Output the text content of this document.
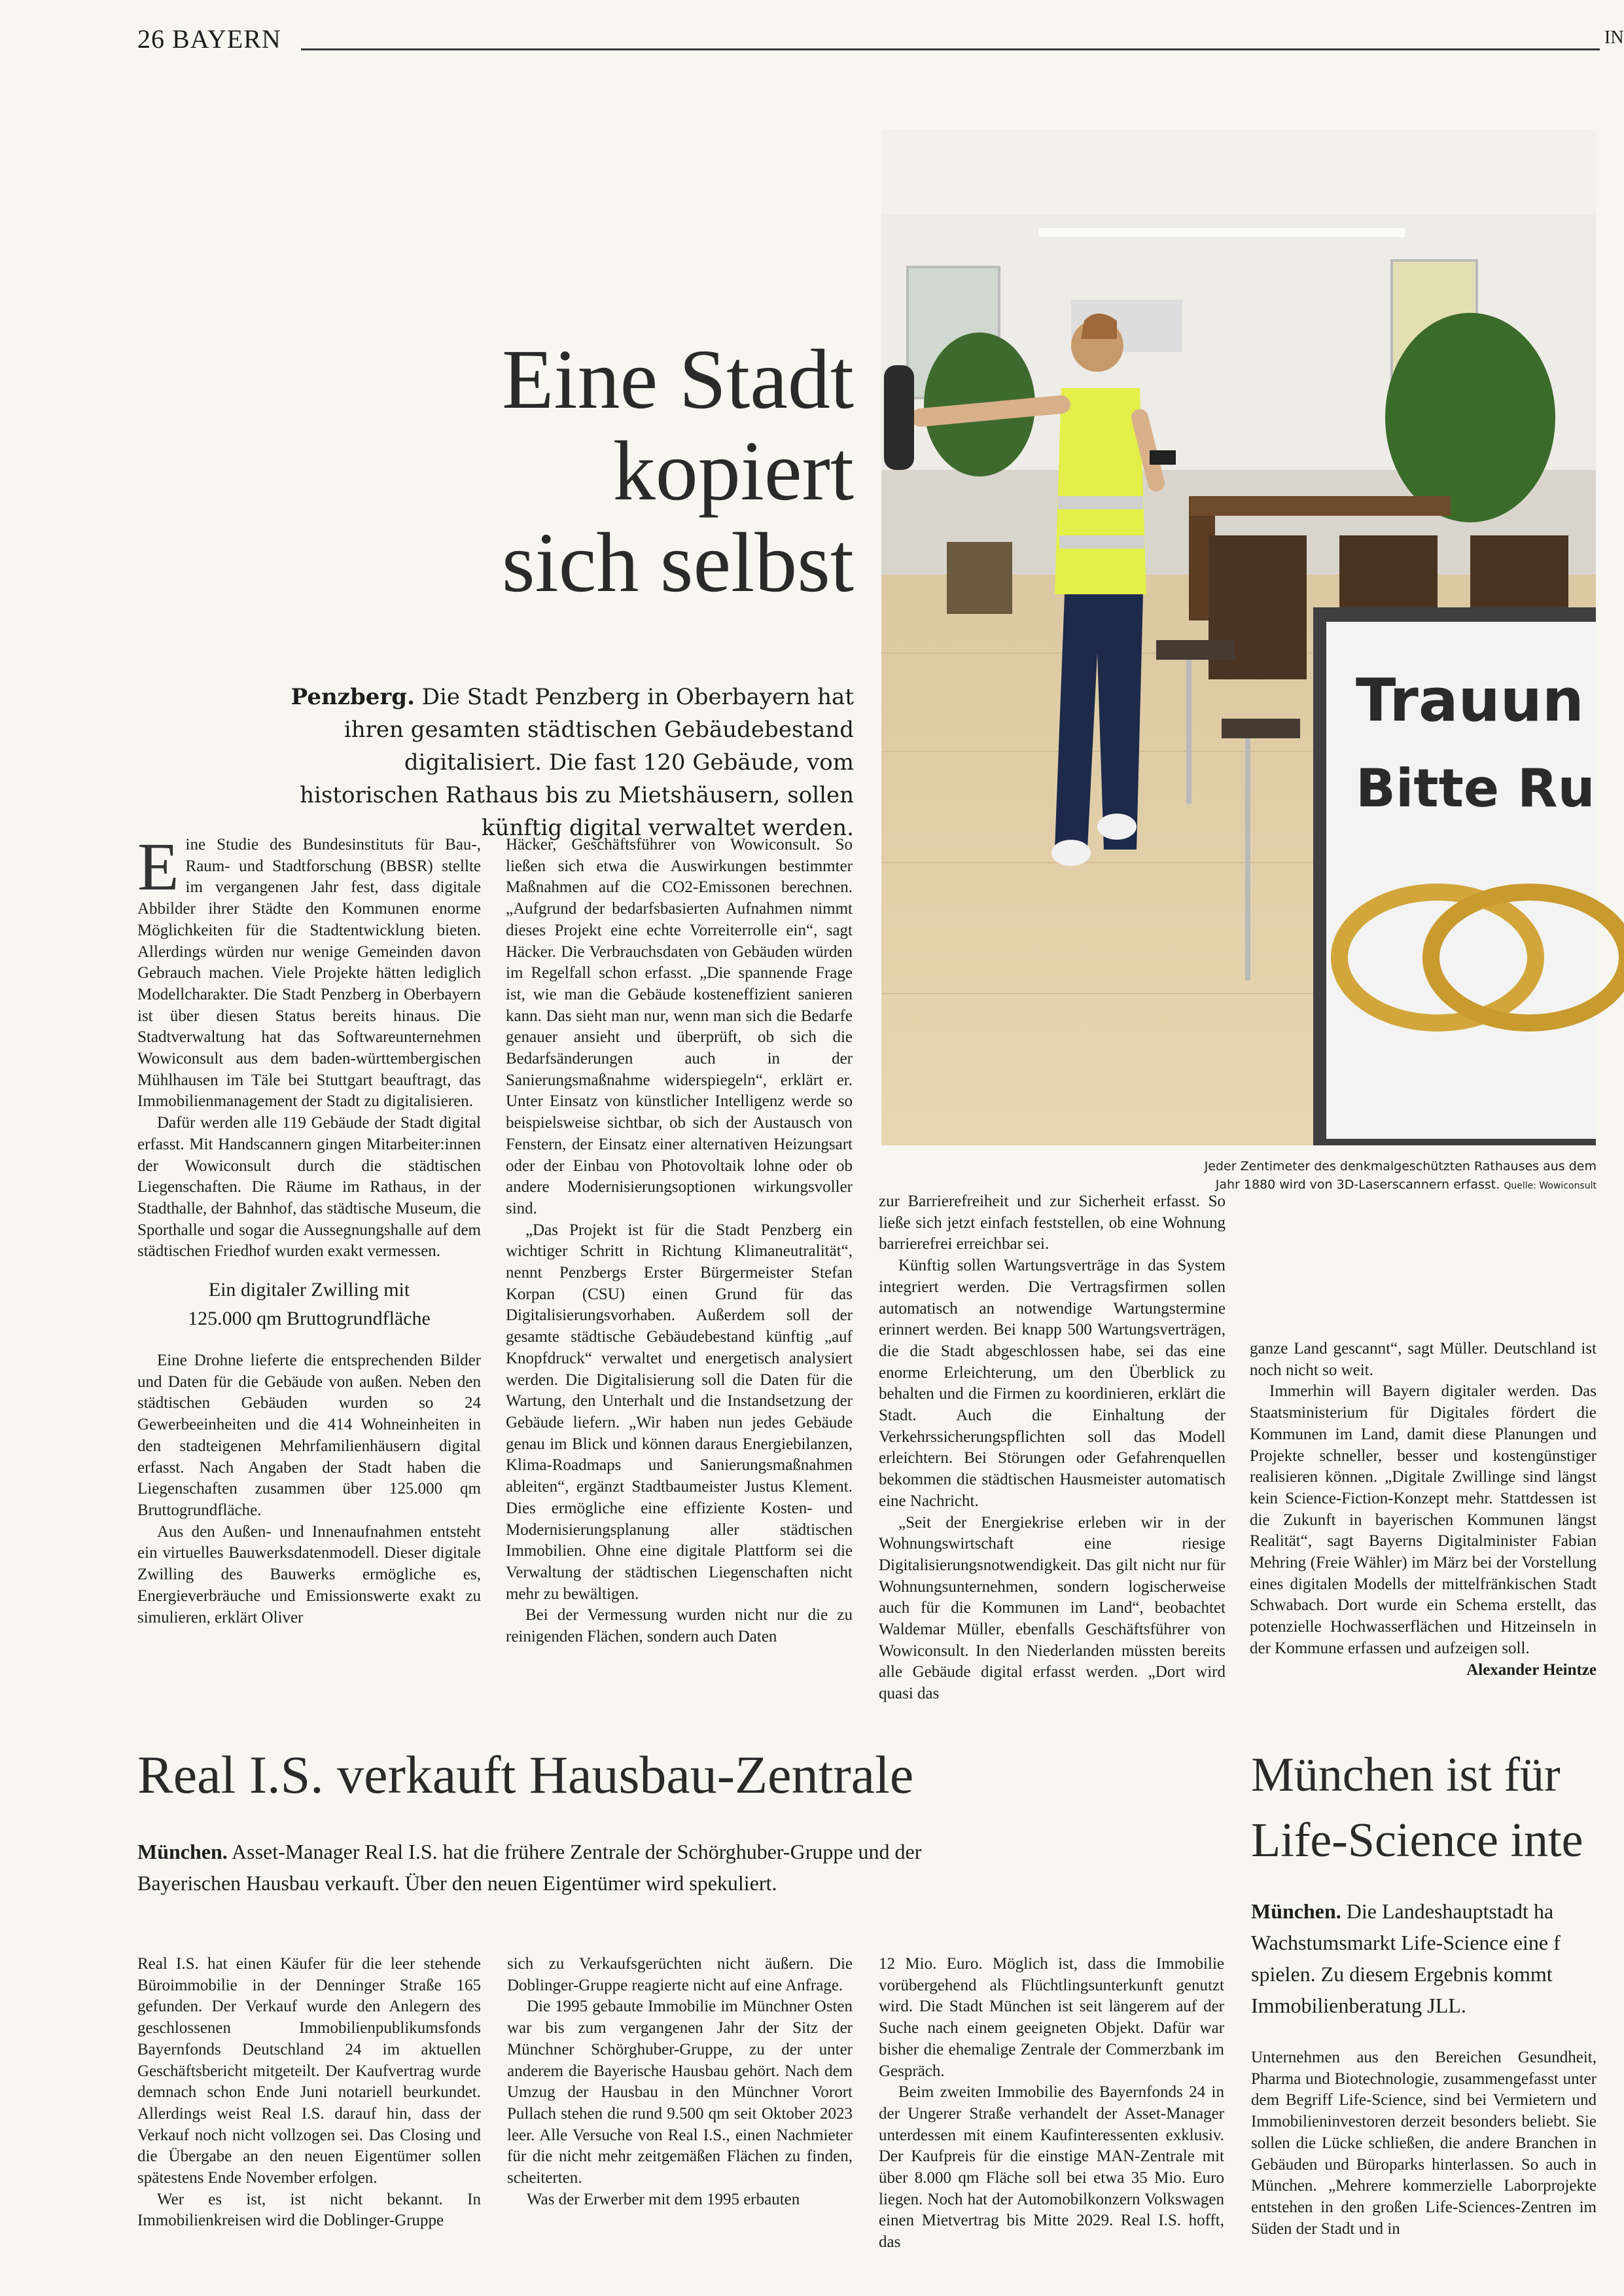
26 BAYERN	IN
Eine Stadt
kopiert
sich selbst
Penzberg. Die Stadt Penzberg in Oberbayern hat ihren gesamten städtischen Gebäudebestand digitalisiert. Die fast 120 Gebäude, vom historischen Rathaus bis zu Mietshäusern, sollen künftig digital verwaltet werden.
Trauun
Bitte Ru
Jeder Zentimeter des denkmalgeschützten Rathauses aus dem Jahr 1880 wird von 3D-Laserscannern erfasst. Quelle: Wowiconsult
E ine Studie des Bundesinstituts für Bau-, Raum- und Stadtforschung (BBSR) stellte im vergangenen Jahr fest, dass digitale Abbilder ihrer Städte den Kommunen enorme Möglichkeiten für die Stadtentwicklung bieten. Allerdings würden nur wenige Gemeinden davon Gebrauch machen. Viele Projekte hätten lediglich Modellcharakter. Die Stadt Penzberg in Oberbayern ist über diesen Status bereits hinaus. Die Stadtverwaltung hat das Softwareunternehmen Wowiconsult aus dem baden-württembergischen Mühlhausen im Täle bei Stuttgart beauftragt, das Immobilienmanagement der Stadt zu digitalisieren.

Dafür werden alle 119 Gebäude der Stadt digital erfasst. Mit Handscannern gingen Mitarbeiter:innen der Wowiconsult durch die städtischen Liegenschaften. Die Räume im Rathaus, in der Stadthalle, der Bahnhof, das städtische Museum, die Sporthalle und sogar die Aussegnungshalle auf dem städtischen Friedhof wurden exakt vermessen.

Ein digitaler Zwilling mit
125.000 qm Bruttogrundfläche

Eine Drohne lieferte die entsprechenden Bilder und Daten für die Gebäude von außen. Neben den städtischen Gebäuden wurden so 24 Gewerbeeinheiten und die 414 Wohneinheiten in den stadteigenen Mehrfamilienhäusern digital erfasst. Nach Angaben der Stadt haben die Liegenschaften zusammen über 125.000 qm Bruttogrundfläche.

Aus den Außen- und Innenaufnahmen entsteht ein virtuelles Bauwerksdatenmodell. Dieser digitale Zwilling des Bauwerks ermögliche es, Energieverbräuche und Emissionswerte exakt zu simulieren, erklärt Oliver

Häcker, Geschäftsführer von Wowiconsult. So ließen sich etwa die Auswirkungen bestimmter Maßnahmen auf die CO2-Emissonen berechnen. „Aufgrund der bedarfsbasierten Aufnahmen nimmt dieses Projekt eine echte Vorreiterrolle ein“, sagt Häcker. Die Verbrauchsdaten von Gebäuden würden im Regelfall schon erfasst. „Die spannende Frage ist, wie man die Gebäude kosteneffizient sanieren kann. Das sieht man nur, wenn man sich die Bedarfe genauer ansieht und überprüft, ob sich die Bedarfsänderungen auch in der Sanierungsmaßnahme widerspiegeln“, erklärt er. Unter Einsatz von künstlicher Intelligenz werde so beispielsweise sichtbar, ob sich der Austausch von Fenstern, der Einsatz einer alternativen Heizungsart oder der Einbau von Photovoltaik lohne oder ob andere Modernisierungsoptionen wirkungsvoller sind.

„Das Projekt ist für die Stadt Penzberg ein wichtiger Schritt in Richtung Klimaneutralität“, nennt Penzbergs Erster Bürgermeister Stefan Korpan (CSU) einen Grund für das Digitalisierungsvorhaben. Außerdem soll der gesamte städtische Gebäudebestand künftig „auf Knopfdruck“ verwaltet und energetisch analysiert werden. Die Digitalisierung soll die Daten für die Wartung, den Unterhalt und die Instandsetzung der Gebäude liefern. „Wir haben nun jedes Gebäude genau im Blick und können daraus Energiebilanzen, Klima-Roadmaps und Sanierungsmaßnahmen ableiten“, ergänzt Stadtbaumeister Justus Klement. Dies ermögliche eine effiziente Kosten- und Modernisierungsplanung aller städtischen Immobilien. Ohne eine digitale Plattform sei die Verwaltung der städtischen Liegenschaften nicht mehr zu bewältigen.

Bei der Vermessung wurden nicht nur die zu reinigenden Flächen, sondern auch Daten

zur Barrierefreiheit und zur Sicherheit erfasst. So ließe sich jetzt einfach feststellen, ob eine Wohnung barrierefrei erreichbar sei.

Künftig sollen Wartungsverträge in das System integriert werden. Die Vertragsfirmen sollen automatisch an notwendige Wartungstermine erinnert werden. Bei knapp 500 Wartungsverträgen, die die Stadt abgeschlossen habe, sei das eine enorme Erleichterung, um den Überblick zu behalten und die Firmen zu koordinieren, erklärt die Stadt. Auch die Einhaltung der Verkehrssicherungspflichten soll das Modell erleichtern. Bei Störungen oder Gefahrenquellen bekommen die städtischen Hausmeister automatisch eine Nachricht.

„Seit der Energiekrise erleben wir in der Wohnungswirtschaft eine riesige Digitalisierungsnotwendigkeit. Das gilt nicht nur für Wohnungsunternehmen, sondern logischerweise auch für die Kommunen im Land“, beobachtet Waldemar Müller, ebenfalls Geschäftsführer von Wowiconsult. In den Niederlanden müssten bereits alle Gebäude digital erfasst werden. „Dort wird quasi das

ganze Land gescannt“, sagt Müller. Deutschland ist noch nicht so weit.

Immerhin will Bayern digitaler werden. Das Staatsministerium für Digitales fördert die Kommunen im Land, damit diese Planungen und Projekte schneller, besser und kostengünstiger realisieren können. „Digitale Zwillinge sind längst kein Science-Fiction-Konzept mehr. Stattdessen ist die Zukunft in bayerischen Kommunen längst Realität“, sagt Bayerns Digitalminister Fabian Mehring (Freie Wähler) im März bei der Vorstellung eines digitalen Modells der mittelfränkischen Stadt Schwabach. Dort wurde ein Schema erstellt, das potenzielle Hochwasserflächen und Hitzeinseln in der Kommune erfassen und aufzeigen soll.

Alexander Heintze
Real I.S. verkauft Hausbau-Zentrale
München. Asset-Manager Real I.S. hat die frühere Zentrale der Schörghuber-Gruppe und der Bayerischen Hausbau verkauft. Über den neuen Eigentümer wird spekuliert.

Real I.S. hat einen Käufer für die leer stehende Büroimmobilie in der Denninger Straße 165 gefunden. Der Verkauf wurde den Anlegern des geschlossenen Immobilienpublikumsfonds Bayernfonds Deutschland 24 im aktuellen Geschäftsbericht mitgeteilt. Der Kaufvertrag wurde demnach schon Ende Juni notariell beurkundet. Allerdings weist Real I.S. darauf hin, dass der Verkauf noch nicht vollzogen sei. Das Closing und die Übergabe an den neuen Eigentümer sollen spätestens Ende November erfolgen.

Wer es ist, ist nicht bekannt. In Immobilienkreisen wird die Doblinger-Gruppe

sich zu Verkaufsgerüchten nicht äußern. Die Doblinger-Gruppe reagierte nicht auf eine Anfrage.

Die 1995 gebaute Immobilie im Münchner Osten war bis zum vergangenen Jahr der Sitz der Münchner Schörghuber-Gruppe, zu der unter anderem die Bayerische Hausbau gehört. Nach dem Umzug der Hausbau in den Münchner Vorort Pullach stehen die rund 9.500 qm seit Oktober 2023 leer. Alle Versuche von Real I.S., einen Nachmieter für die nicht mehr zeitgemäßen Flächen zu finden, scheiterten.

Was der Erwerber mit dem 1995 erbauten

12 Mio. Euro. Möglich ist, dass die Immobilie vorübergehend als Flüchtlingsunterkunft genutzt wird. Die Stadt München ist seit längerem auf der Suche nach einem geeigneten Objekt. Dafür war bisher die ehemalige Zentrale der Commerzbank im Gespräch.

Beim zweiten Immobilie des Bayernfonds 24 in der Ungerer Straße verhandelt der Asset-Manager unterdessen mit einem Kaufinteressenten exklusiv. Der Kaufpreis für die einstige MAN-Zentrale mit über 8.000 qm Fläche soll bei etwa 35 Mio. Euro liegen. Noch hat der Automobilkonzern Volkswagen einen Mietvertrag bis Mitte 2029. Real I.S. hofft, das

München ist für
Life-Science inte
München. Die Landeshauptstadt ha
Wachstumsmarkt Life-Science eine f
spielen. Zu diesem Ergebnis kommt
Immobilienberatung JLL.

Unternehmen aus den Bereichen Gesundheit, Pharma und Biotechnologie, zusammengefasst unter dem Begriff Life-Science, sind bei Vermietern und Immobilieninvestoren derzeit besonders beliebt. Sie sollen die Lücke schließen, die andere Branchen in Gebäuden und Büroparks hinterlassen. So auch in München. „Mehrere kommerzielle Laborprojekte entstehen in den großen Life-Sciences-Zentren im Süden der Stadt und in
